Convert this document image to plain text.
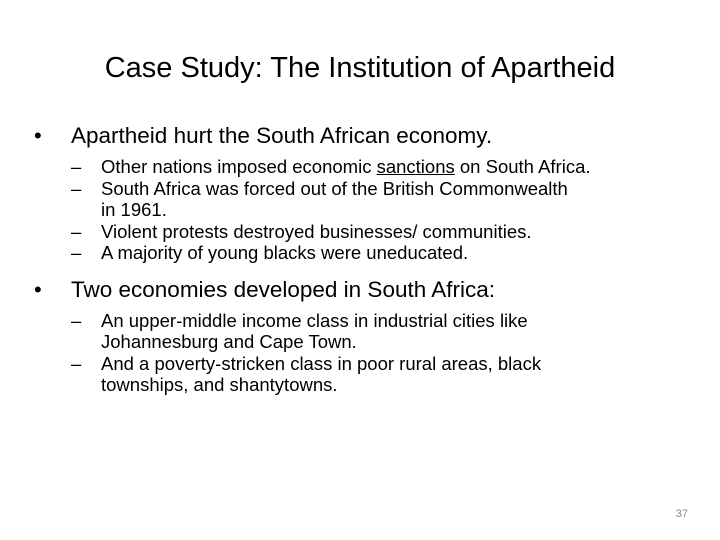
Case Study: The Institution of Apartheid
•	Apartheid hurt the South African economy.
–	Other nations imposed economic sanctions on South Africa.
–	South Africa was forced out of the British Commonwealth
in 1961.
–	Violent protests destroyed businesses/ communities.
–	A majority of young blacks were uneducated.
•	Two economies developed in South Africa:
–	An upper-middle income class in industrial cities like
Johannesburg and Cape Town.
–	And a poverty-stricken class in poor rural areas, black
townships, and shantytowns.
37
